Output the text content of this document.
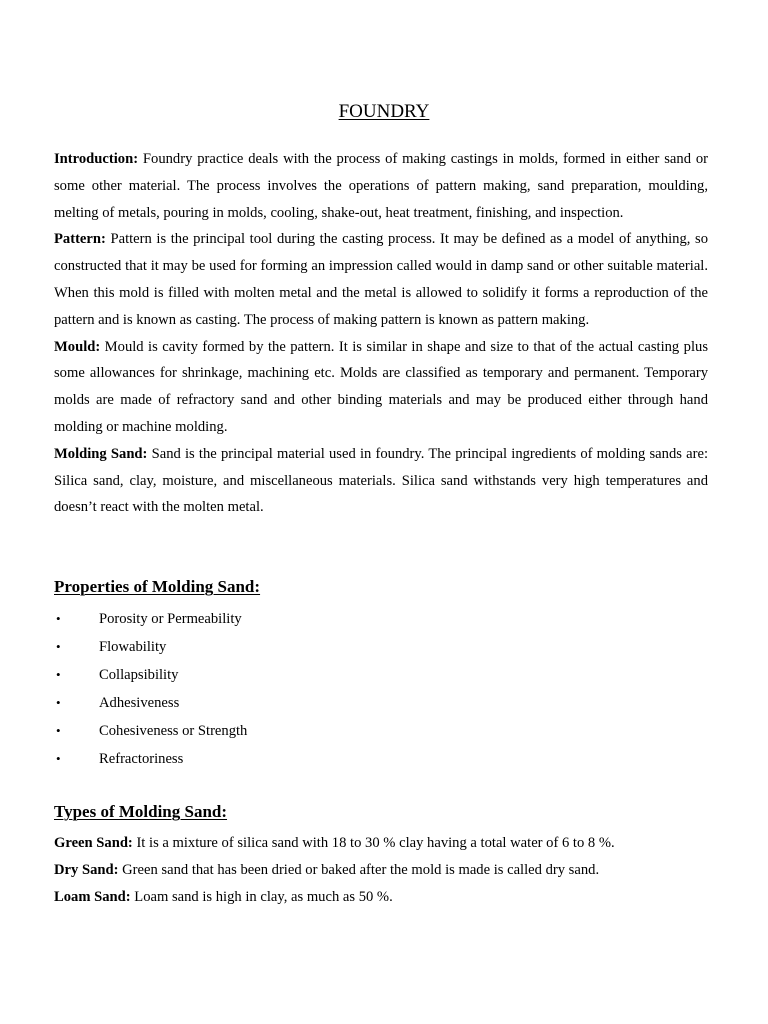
FOUNDRY

Introduction: Foundry practice deals with the process of making castings in molds, formed in either sand or some other material. The process involves the operations of pattern making, sand preparation, moulding, melting of metals, pouring in molds, cooling, shake-out, heat treatment, finishing, and inspection.

Pattern: Pattern is the principal tool during the casting process. It may be defined as a model of anything, so constructed that it may be used for forming an impression called would in damp sand or other suitable material. When this mold is filled with molten metal and the metal is allowed to solidify it forms a reproduction of the pattern and is known as casting. The process of making pattern is known as pattern making.

Mould: Mould is cavity formed by the pattern. It is similar in shape and size to that of the actual casting plus some allowances for shrinkage, machining etc. Molds are classified as temporary and permanent. Temporary molds are made of refractory sand and other binding materials and may be produced either through hand molding or machine molding.

Molding Sand: Sand is the principal material used in foundry. The principal ingredients of molding sands are: Silica sand, clay, moisture, and miscellaneous materials. Silica sand withstands very high temperatures and doesn’t react with the molten metal.

Properties of Molding Sand:
•	Porosity or Permeability
•	Flowability
•	Collapsibility
•	Adhesiveness
•	Cohesiveness or Strength
•	Refractoriness
Types of Molding Sand:

Green Sand: It is a mixture of silica sand with 18 to 30 % clay having a total water of 6 to 8 %.

Dry Sand: Green sand that has been dried or baked after the mold is made is called dry sand.

Loam Sand: Loam sand is high in clay, as much as 50 %.
